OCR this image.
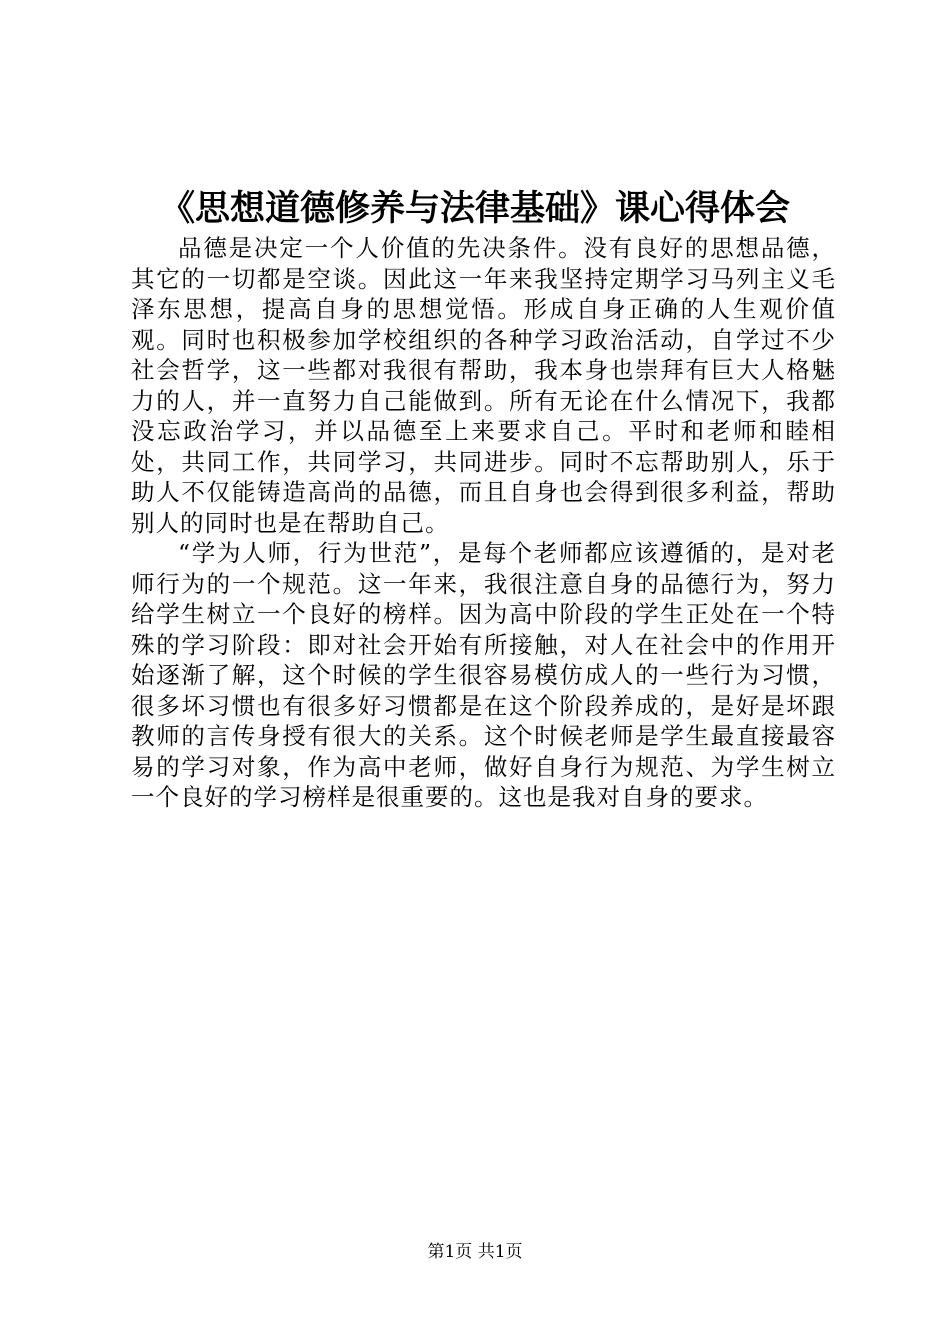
《思想道德修养与法律基础》课心得体会

品德是决定一个人价值的先决条件。没有良好的思想品德，其它的一切都是空谈。因此这一年来我坚持定期学习马列主义毛泽东思想，提高自身的思想觉悟。形成自身正确的人生观价值观。同时也积极参加学校组织的各种学习政治活动，自学过不少社会哲学，这一些都对我很有帮助，我本身也崇拜有巨大人格魅力的人，并一直努力自己能做到。所有无论在什么情况下，我都没忘政治学习，并以品德至上来要求自己。平时和老师和睦相处，共同工作，共同学习，共同进步。同时不忘帮助别人，乐于助人不仅能铸造高尚的品德，而且自身也会得到很多利益，帮助别人的同时也是在帮助自己。

“学为人师，行为世范”，是每个老师都应该遵循的，是对老师行为的一个规范。这一年来，我很注意自身的品德行为，努力给学生树立一个良好的榜样。因为高中阶段的学生正处在一个特殊的学习阶段：即对社会开始有所接触，对人在社会中的作用开始逐渐了解，这个时候的学生很容易模仿成人的一些行为习惯，很多坏习惯也有很多好习惯都是在这个阶段养成的，是好是坏跟教师的言传身授有很大的关系。这个时候老师是学生最直接最容易的学习对象，作为高中老师，做好自身行为规范、为学生树立一个良好的学习榜样是很重要的。这也是我对自身的要求。

第1页 共1页
